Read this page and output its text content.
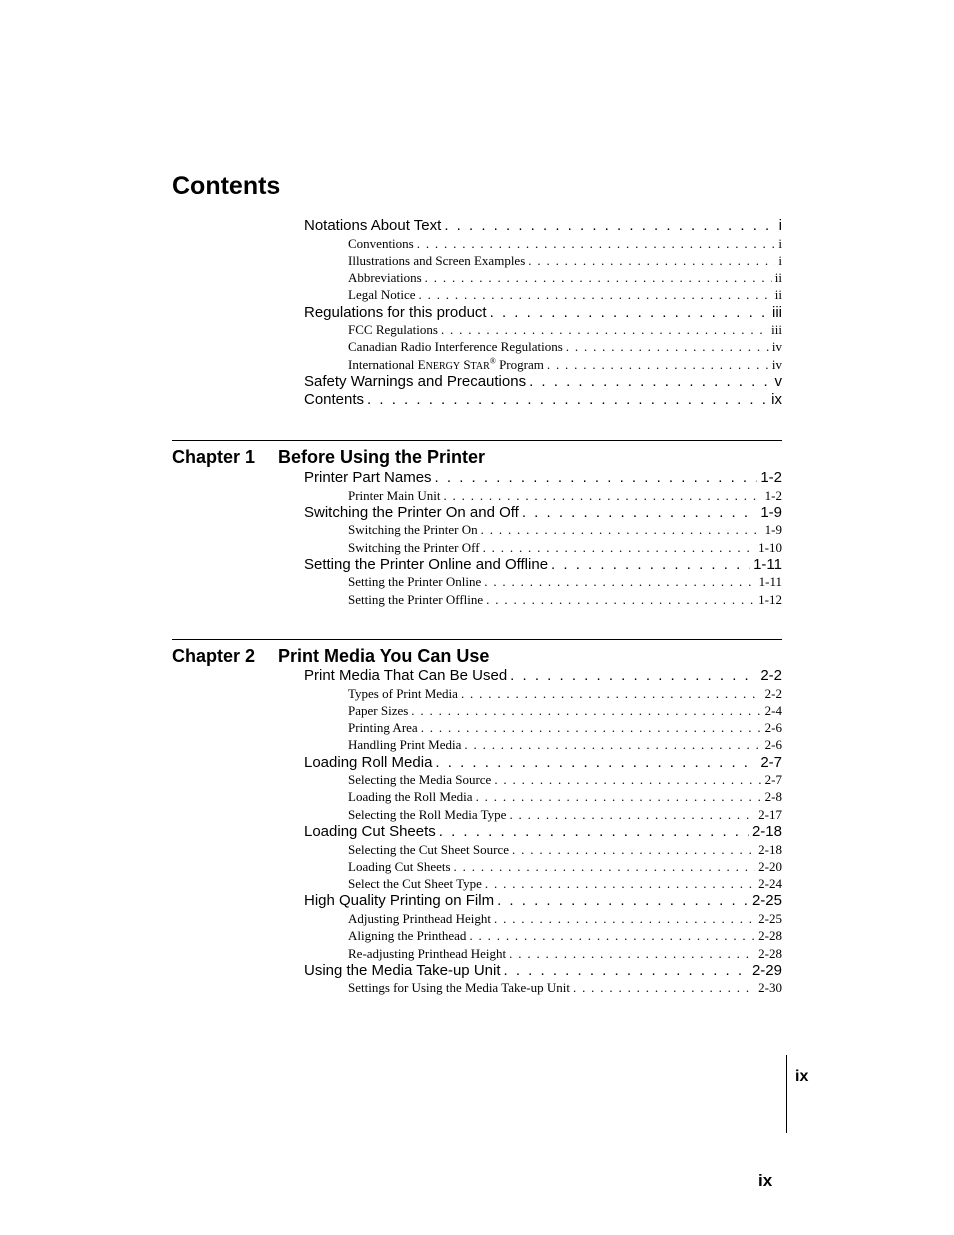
Contents
Notations About Text . . .	i
Conventions . . .	i
Illustrations and Screen Examples . . .	i
Abbreviations . . .	ii
Legal Notice . . .	ii
Regulations for this product . . .	iii
FCC Regulations . . .	iii
Canadian Radio Interference Regulations . . .	iv
International ENERGY STAR® Program . . .	iv
Safety Warnings and Precautions . . .	v
Contents . . .	ix
Chapter 1 Before Using the Printer
Printer Part Names . . .	1-2
Printer Main Unit . . .	1-2
Switching the Printer On and Off . . .	1-9
Switching the Printer On . . .	1-9
Switching the Printer Off . . .	1-10
Setting the Printer Online and Offline . . .	1-11
Setting the Printer Online . . .	1-11
Setting the Printer Offline . . .	1-12
Chapter 2 Print Media You Can Use
Print Media That Can Be Used . . .	2-2
Types of Print Media . . .	2-2
Paper Sizes . . .	2-4
Printing Area . . .	2-6
Handling Print Media . . .	2-6
Loading Roll Media . . .	2-7
Selecting the Media Source . . .	2-7
Loading the Roll Media . . .	2-8
Selecting the Roll Media Type . . .	2-17
Loading Cut Sheets . . .	2-18
Selecting the Cut Sheet Source . . .	2-18
Loading Cut Sheets . . .	2-20
Select the Cut Sheet Type . . .	2-24
High Quality Printing on Film . . .	2-25
Adjusting Printhead Height . . .	2-25
Aligning the Printhead . . .	2-28
Re-adjusting Printhead Height . . .	2-28
Using the Media Take-up Unit . . .	2-29
Settings for Using the Media Take-up Unit . . .	2-30
ix
ix
